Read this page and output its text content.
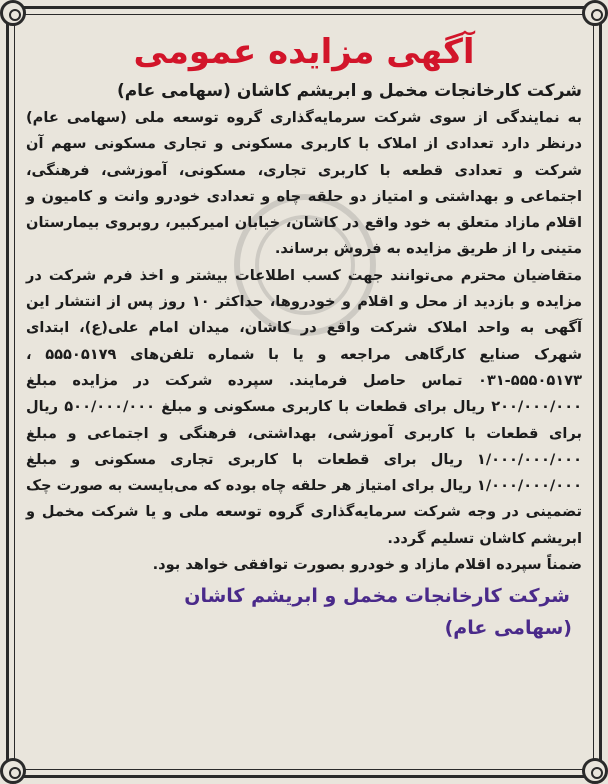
آگهی مزایده عمومی
شرکت کارخانجات مخمل و ابریشم کاشان (سهامی عام)

به نمایندگی از سوی شرکت سرمایه‌گذاری گروه توسعه ملی (سهامی عام) درنظر دارد تعدادی از املاک با کاربری مسکونی و تجاری مسکونی سهم آن شرکت و تعدادی قطعه با کاربری تجاری، مسکونی، آموزشی، فرهنگی، اجتماعی و بهداشتی و امتیاز دو حلقه چاه و تعدادی خودرو وانت و کامیون و اقلام مازاد متعلق به خود واقع در کاشان، خیابان امیرکبیر، روبروی بیمارستان متینی را از طریق مزایده به فروش برساند.

متقاضیان محترم می‌توانند جهت کسب اطلاعات بیشتر و اخذ فرم شرکت در مزایده و بازدید از محل و اقلام و خودروها، حداکثر ۱۰ روز پس از انتشار این آگهی به واحد املاک شرکت واقع در کاشان، میدان امام علی(ع)، ابتدای شهرک صنایع کارگاهی مراجعه و یا با شماره تلفن‌های ۵۵۵۰۵۱۷۹ ، ۵۵۵۰۵۱۷۳-۰۳۱ تماس حاصل فرمایند. سپرده شرکت در مزایده مبلغ ۲۰۰/۰۰۰/۰۰۰ ریال برای قطعات با کاربری مسکونی و مبلغ ۵۰۰/۰۰۰/۰۰۰ ریال برای قطعات با کاربری آموزشی، بهداشتی، فرهنگی و اجتماعی و مبلغ ۱/۰۰۰/۰۰۰/۰۰۰ ریال برای قطعات با کاربری تجاری مسکونی و مبلغ ۱/۰۰۰/۰۰۰/۰۰۰ ریال برای امتیاز هر حلقه چاه بوده که می‌بایست به صورت چک تضمینی در وجه شرکت سرمایه‌گذاری گروه توسعه ملی و یا شرکت مخمل و ابریشم کاشان تسلیم گردد.

ضمناً سپرده اقلام مازاد و خودرو بصورت توافقی خواهد بود.

شرکت کارخانجات مخمل و ابریشم کاشان
(سهامی عام)
